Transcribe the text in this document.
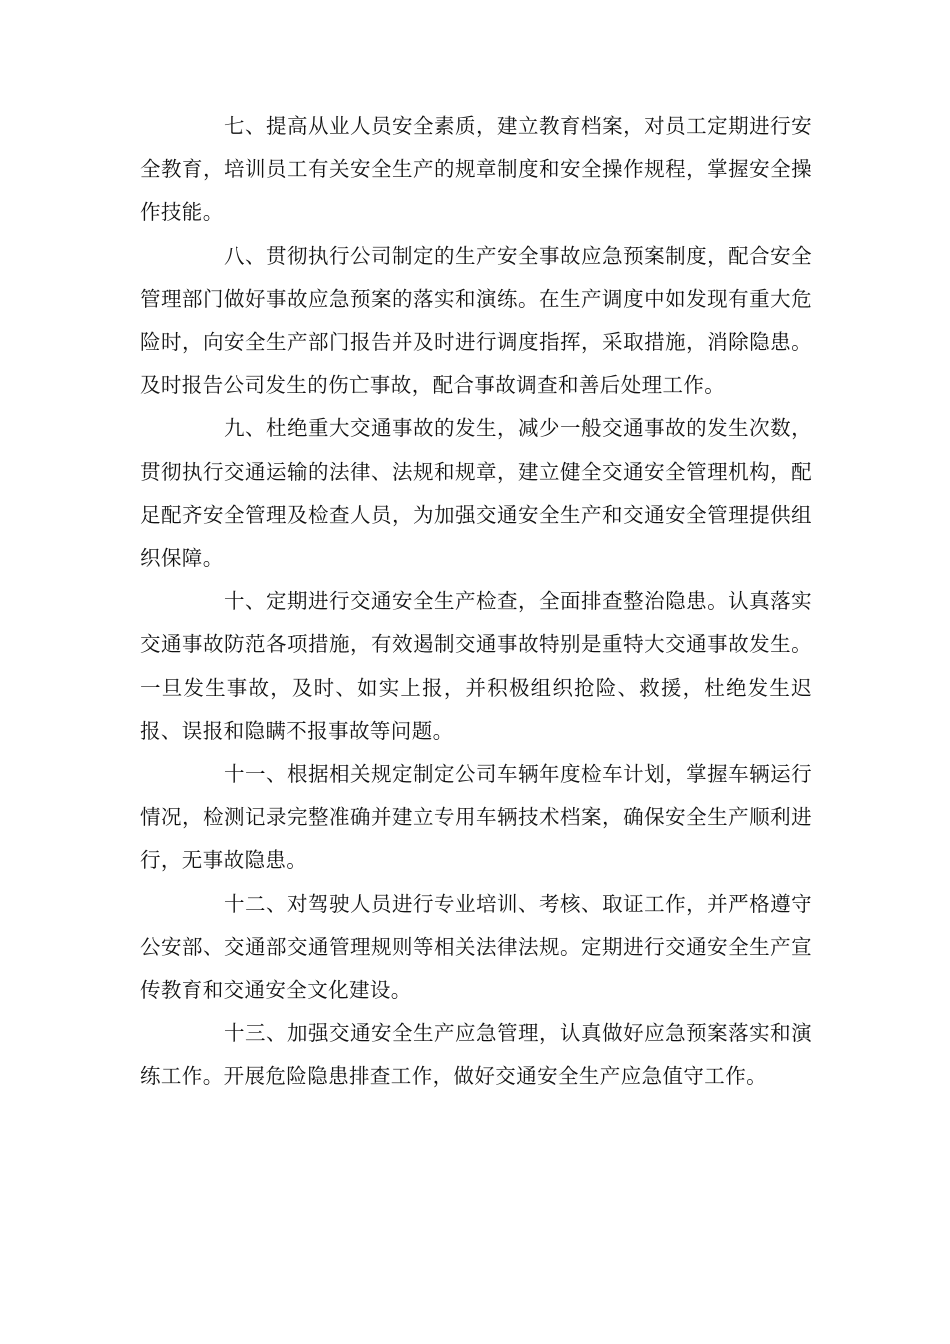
七、提高从业人员安全素质，建立教育档案，对员工定期进行安全教育，培训员工有关安全生产的规章制度和安全操作规程，掌握安全操作技能。

八、贯彻执行公司制定的生产安全事故应急预案制度，配合安全管理部门做好事故应急预案的落实和演练。在生产调度中如发现有重大危险时，向安全生产部门报告并及时进行调度指挥，采取措施，消除隐患。及时报告公司发生的伤亡事故，配合事故调查和善后处理工作。

九、杜绝重大交通事故的发生，减少一般交通事故的发生次数，贯彻执行交通运输的法律、法规和规章，建立健全交通安全管理机构，配足配齐安全管理及检查人员，为加强交通安全生产和交通安全管理提供组织保障。

十、定期进行交通安全生产检查，全面排查整治隐患。认真落实交通事故防范各项措施，有效遏制交通事故特别是重特大交通事故发生。一旦发生事故，及时、如实上报，并积极组织抢险、救援，杜绝发生迟报、误报和隐瞒不报事故等问题。

十一、根据相关规定制定公司车辆年度检车计划，掌握车辆运行情况，检测记录完整准确并建立专用车辆技术档案，确保安全生产顺利进行，无事故隐患。

十二、对驾驶人员进行专业培训、考核、取证工作，并严格遵守公安部、交通部交通管理规则等相关法律法规。定期进行交通安全生产宣传教育和交通安全文化建设。

十三、加强交通安全生产应急管理，认真做好应急预案落实和演练工作。开展危险隐患排查工作，做好交通安全生产应急值守工作。
